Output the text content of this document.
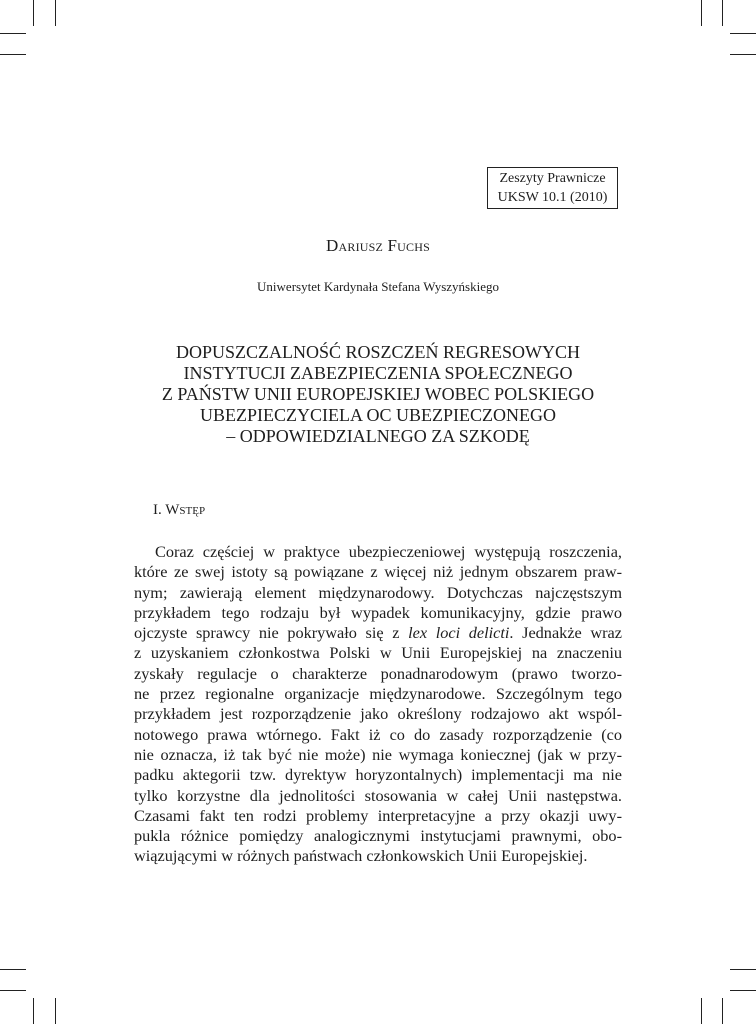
Zeszyty Prawnicze
UKSW 10.1 (2010)
Dariusz Fuchs
Uniwersytet Kardynała Stefana Wyszyńskiego
DOPUSZCZALNOŚĆ ROSZCZEŃ REGRESOWYCH
INSTYTUCJI ZABEZPIECZENIA SPOŁECZNEGO
Z PAŃSTW UNII EUROPEJSKIEJ WOBEC POLSKIEGO
UBEZPIECZYCIELA OC UBEZPIECZONEGO
– ODPOWIEDZIALNEGO ZA SZKODĘ
I. Wstęp
Coraz częściej w praktyce ubezpieczeniowej występują roszczenia,
które ze swej istoty są powiązane z więcej niż jednym obszarem praw-
nym; zawierają element międzynarodowy. Dotychczas najczęstszym
przykładem tego rodzaju był wypadek komunikacyjny, gdzie prawo
ojczyste sprawcy nie pokrywało się z lex loci delicti. Jednakże wraz
z uzyskaniem członkostwa Polski w Unii Europejskiej na znaczeniu
zyskały regulacje o charakterze ponadnarodowym (prawo tworzo-
ne przez regionalne organizacje międzynarodowe. Szczególnym tego
przykładem jest rozporządzenie jako określony rodzajowo akt wspól-
notowego prawa wtórnego. Fakt iż co do zasady rozporządzenie (co
nie oznacza, iż tak być nie może) nie wymaga koniecznej (jak w przy-
padku aktegorii tzw. dyrektyw horyzontalnych) implementacji ma nie
tylko korzystne dla jednolitości stosowania w całej Unii następstwa.
Czasami fakt ten rodzi problemy interpretacyjne a przy okazji uwy-
pukla różnice pomiędzy analogicznymi instytucjami prawnymi, obo-
wiązującymi w różnych państwach członkowskich Unii Europejskiej.
